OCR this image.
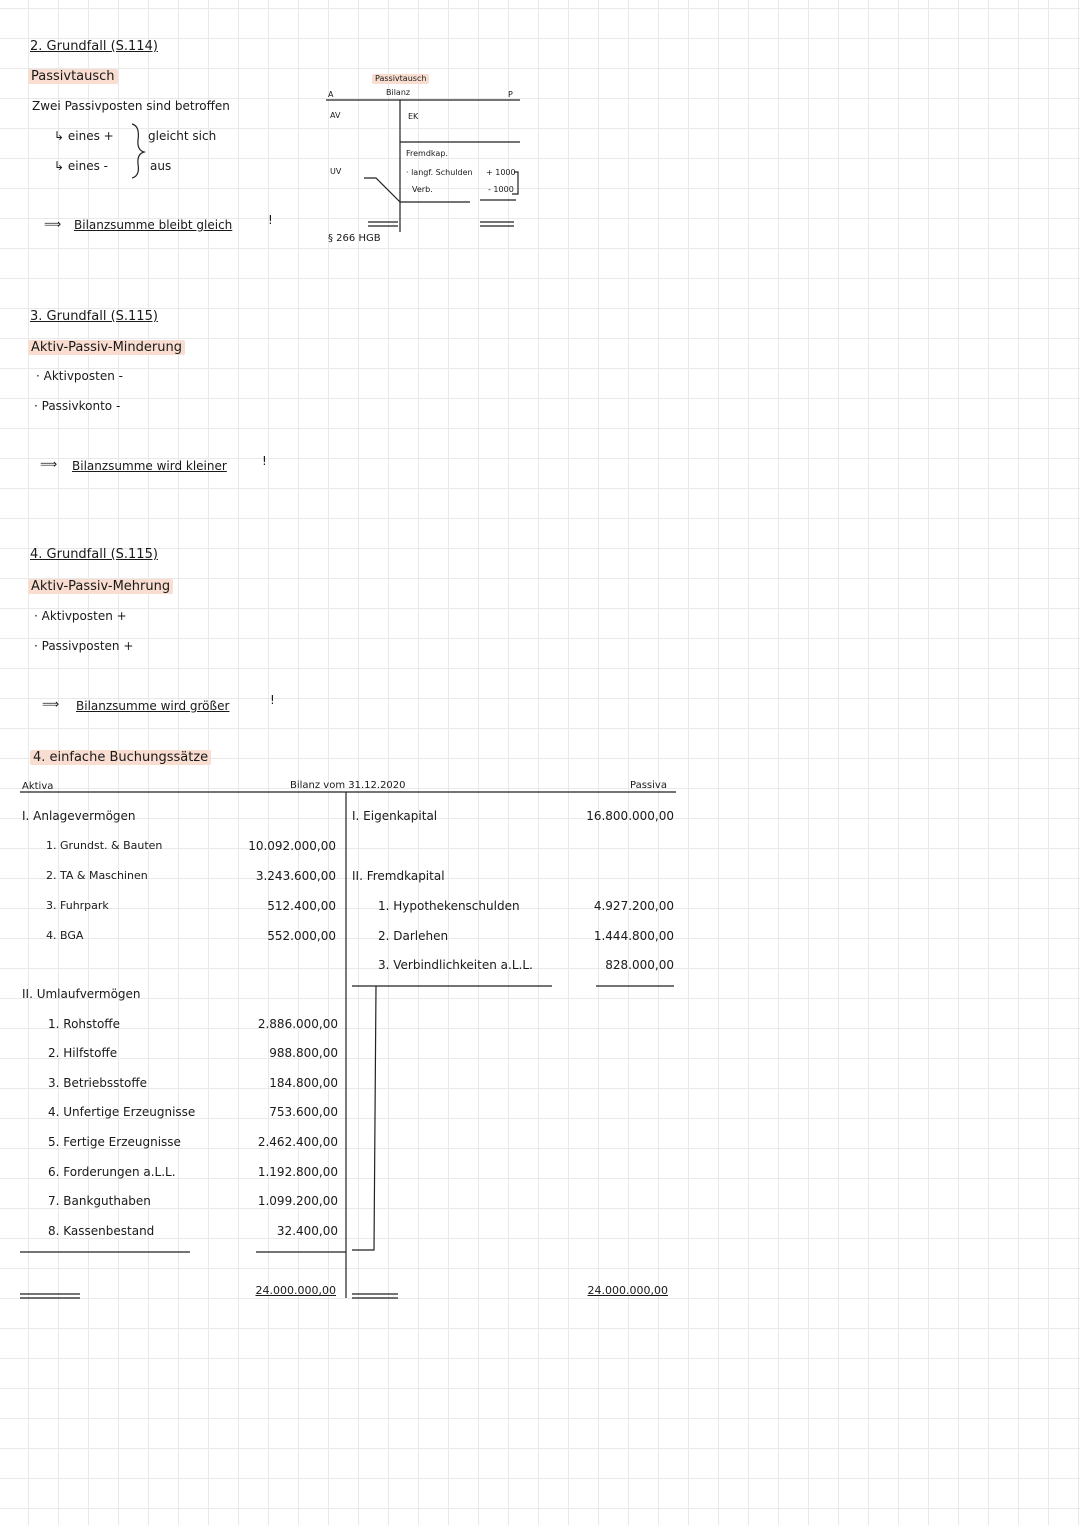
2. Grundfall (S.114)
Passivtausch
Zwei Passivposten sind betroffen
↳ eines +
↳ eines -
gleicht sich
aus
⟹ Bilanzsumme bleibt gleich	!
Passivtausch
Bilanz
A	P
AV
UV
EK
Fremdkap.
· langf. Schulden + 1000
Verb.	- 1000
§ 266 HGB
3. Grundfall (S.115)
Aktiv-Passiv-Minderung
· Aktivposten -
· Passivkonto -
⟹ Bilanzsumme wird kleiner	!
4. Grundfall (S.115)
Aktiv-Passiv-Mehrung
· Aktivposten +
· Passivposten +
⟹ Bilanzsumme wird größer	!
4. einfache Buchungssätze
Aktiva	Bilanz vom 31.12.2020	Passiva
I. Anlagevermögen
1. Grundst. & Bauten	10.092.000,00
2. TA & Maschinen	3.243.600,00
3. Fuhrpark	512.400,00
4. BGA	552.000,00
II. Umlaufvermögen
1. Rohstoffe	2.886.000,00
2. Hilfstoffe	988.800,00
3. Betriebsstoffe	184.800,00
4. Unfertige Erzeugnisse	753.600,00
5. Fertige Erzeugnisse	2.462.400,00
6. Forderungen a.L.L.	1.192.800,00
7. Bankguthaben	1.099.200,00
8. Kassenbestand	32.400,00
I. Eigenkapital	16.800.000,00
II. Fremdkapital
1. Hypothekenschulden	4.927.200,00
2. Darlehen	1.444.800,00
3. Verbindlichkeiten a.L.L.	828.000,00
24.000.000,00	24.000.000,00
